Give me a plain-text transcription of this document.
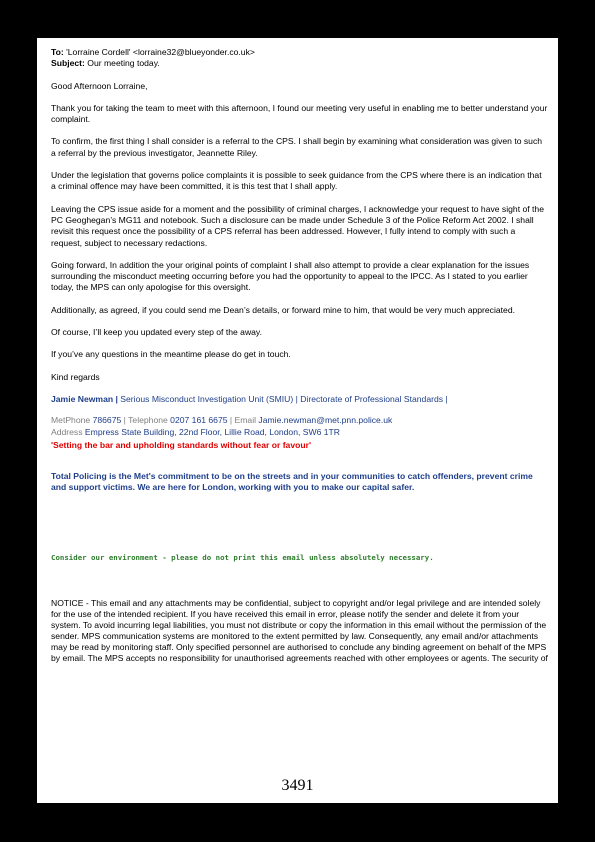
To: 'Lorraine Cordell' <lorraine32@blueyonder.co.uk>

Subject: Our meeting today.

Good Afternoon Lorraine,

Thank you for taking the team to meet with this afternoon, I found our meeting very useful in enabling me to better understand your complaint.

To confirm, the first thing I shall consider is a referral to the CPS. I shall begin by examining what consideration was given to such a referral by the previous investigator, Jeannette Riley.

Under the legislation that governs police complaints it is possible to seek guidance from the CPS where there is an indication that a criminal offence may have been committed, it is this test that I shall apply.

Leaving the CPS issue aside for a moment and the possibility of criminal charges, I acknowledge your request to have sight of the PC Geoghegan’s MG11 and notebook. Such a disclosure can be made under Schedule 3 of the Police Reform Act 2002. I shall revisit this request once the possibility of a CPS referral has been addressed. However, I fully intend to comply with such a request, subject to necessary redactions.

Going forward, In addition the your original points of complaint I shall also attempt to provide a clear explanation for the issues surrounding the misconduct meeting occurring before you had the opportunity to appeal to the IPCC. As I stated to you earlier today, the MPS can only apologise for this oversight.

Additionally, as agreed, if you could send me Dean’s details, or forward mine to him, that would be very much appreciated.

Of course, I’ll keep you updated every step of the away.

If you’ve any questions in the meantime please do get in touch.

Kind regards

Jamie Newman | Serious Misconduct Investigation Unit (SMIU) | Directorate of Professional Standards |
MetPhone 786675 | Telephone 0207 161 6675 | Email Jamie.newman@met.pnn.police.uk
Address Empress State Building, 22nd Floor, Lillie Road, London, SW6 1TR
'Setting the bar and upholding standards without fear or favour'
Total Policing is the Met's commitment to be on the streets and in your communities to catch offenders, prevent crime and support victims. We are here for London, working with you to make our capital safer.
Consider our environment - please do not print this email unless absolutely necessary.
NOTICE - This email and any attachments may be confidential, subject to copyright and/or legal privilege and are intended solely for the use of the intended recipient. If you have received this email in error, please notify the sender and delete it from your system. To avoid incurring legal liabilities, you must not distribute or copy the information in this email without the permission of the sender. MPS communication systems are monitored to the extent permitted by law. Consequently, any email and/or attachments may be read by monitoring staff. Only specified personnel are authorised to conclude any binding agreement on behalf of the MPS by email. The MPS accepts no responsibility for unauthorised agreements reached with other employees or agents. The security of
3491
